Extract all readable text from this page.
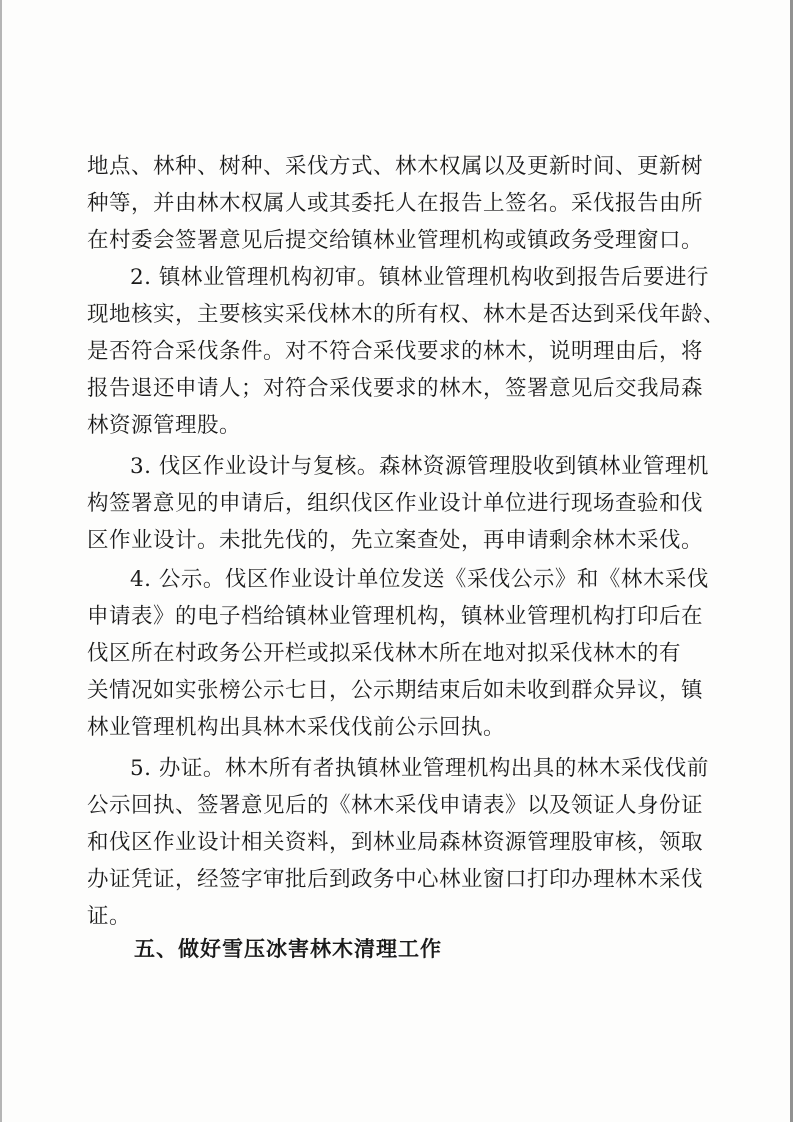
地点、林种、树种、采伐方式、林木权属以及更新时间、更新树
种等，并由林木权属人或其委托人在报告上签名。采伐报告由所
在村委会签署意见后提交给镇林业管理机构或镇政务受理窗口。
2. 镇林业管理机构初审。镇林业管理机构收到报告后要进行
现地核实，主要核实采伐林木的所有权、林木是否达到采伐年龄、
是否符合采伐条件。对不符合采伐要求的林木，说明理由后，将
报告退还申请人；对符合采伐要求的林木，签署意见后交我局森
林资源管理股。
3. 伐区作业设计与复核。森林资源管理股收到镇林业管理机
构签署意见的申请后，组织伐区作业设计单位进行现场查验和伐
区作业设计。未批先伐的，先立案查处，再申请剩余林木采伐。
4. 公示。伐区作业设计单位发送《采伐公示》和《林木采伐
申请表》的电子档给镇林业管理机构，镇林业管理机构打印后在
伐区所在村政务公开栏或拟采伐林木所在地对拟采伐林木的有
关情况如实张榜公示七日，公示期结束后如未收到群众异议，镇
林业管理机构出具林木采伐伐前公示回执。
5. 办证。林木所有者执镇林业管理机构出具的林木采伐伐前
公示回执、签署意见后的《林木采伐申请表》以及领证人身份证
和伐区作业设计相关资料，到林业局森林资源管理股审核，领取
办证凭证，经签字审批后到政务中心林业窗口打印办理林木采伐
证。
五、做好雪压冰害林木清理工作
